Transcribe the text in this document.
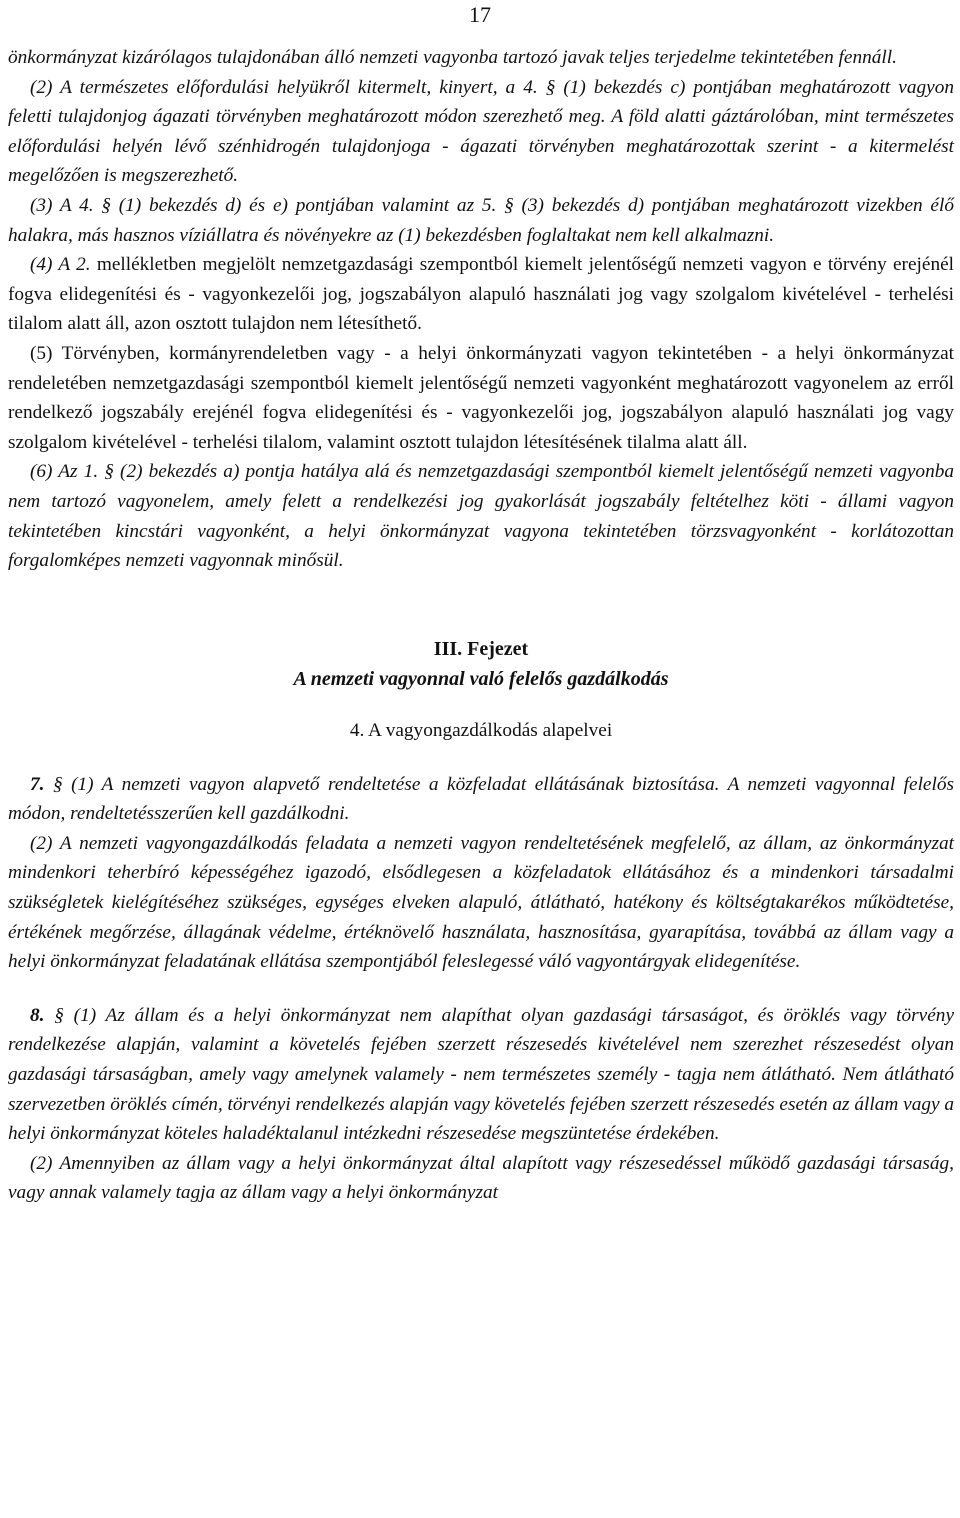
17

önkormányzat kizárólagos tulajdonában álló nemzeti vagyonba tartozó javak teljes terjedelme tekintetében fennáll.

(2) A természetes előfordulási helyükről kitermelt, kinyert, a 4. § (1) bekezdés c) pontjában meghatározott vagyon feletti tulajdonjog ágazati törvényben meghatározott módon szerezhető meg. A föld alatti gáztárolóban, mint természetes előfordulási helyén lévő szénhidrogén tulajdonjoga - ágazati törvényben meghatározottak szerint - a kitermelést megelőzően is megszerezhető.

(3) A 4. § (1) bekezdés d) és e) pontjában valamint az 5. § (3) bekezdés d) pontjában meghatározott vizekben élő halakra, más hasznos víziállatra és növényekre az (1) bekezdésben foglaltakat nem kell alkalmazni.

(4) A 2. mellékletben megjelölt nemzetgazdasági szempontból kiemelt jelentőségű nemzeti vagyon e törvény erejénél fogva elidegenítési és - vagyonkezelői jog, jogszabályon alapuló használati jog vagy szolgalom kivételével - terhelési tilalom alatt áll, azon osztott tulajdon nem létesíthető.

(5) Törvényben, kormányrendeletben vagy - a helyi önkormányzati vagyon tekintetében - a helyi önkormányzat rendeletében nemzetgazdasági szempontból kiemelt jelentőségű nemzeti vagyonként meghatározott vagyonelem az erről rendelkező jogszabály erejénél fogva elidegenítési és - vagyonkezelői jog, jogszabályon alapuló használati jog vagy szolgalom kivételével - terhelési tilalom, valamint osztott tulajdon létesítésének tilalma alatt áll.

(6) Az 1. § (2) bekezdés a) pontja hatálya alá és nemzetgazdasági szempontból kiemelt jelentőségű nemzeti vagyonba nem tartozó vagyonelem, amely felett a rendelkezési jog gyakorlását jogszabály feltételhez köti - állami vagyon tekintetében kincstári vagyonként, a helyi önkormányzat vagyona tekintetében törzsvagyonként - korlátozottan forgalomképes nemzeti vagyonnak minősül.

III. Fejezet

A nemzeti vagyonnal való felelős gazdálkodás

4. A vagyongazdálkodás alapelvei

7. § (1) A nemzeti vagyon alapvető rendeltetése a közfeladat ellátásának biztosítása. A nemzeti vagyonnal felelős módon, rendeltetésszerűen kell gazdálkodni.

(2) A nemzeti vagyongazdálkodás feladata a nemzeti vagyon rendeltetésének megfelelő, az állam, az önkormányzat mindenkori teherbíró képességéhez igazodó, elsődlegesen a közfeladatok ellátásához és a mindenkori társadalmi szükségletek kielégítéséhez szükséges, egységes elveken alapuló, átlátható, hatékony és költségtakarékos működtetése, értékének megőrzése, állagának védelme, értéknövelő használata, hasznosítása, gyarapítása, továbbá az állam vagy a helyi önkormányzat feladatának ellátása szempontjából feleslegessé váló vagyontárgyak elidegenítése.

8. § (1) Az állam és a helyi önkormányzat nem alapíthat olyan gazdasági társaságot, és öröklés vagy törvény rendelkezése alapján, valamint a követelés fejében szerzett részesedés kivételével nem szerezhet részesedést olyan gazdasági társaságban, amely vagy amelynek valamely - nem természetes személy - tagja nem átlátható. Nem átlátható szervezetben öröklés címén, törvényi rendelkezés alapján vagy követelés fejében szerzett részesedés esetén az állam vagy a helyi önkormányzat köteles haladéktalanul intézkedni részesedése megszüntetése érdekében.

(2) Amennyiben az állam vagy a helyi önkormányzat által alapított vagy részesedéssel működő gazdasági társaság, vagy annak valamely tagja az állam vagy a helyi önkormányzat
